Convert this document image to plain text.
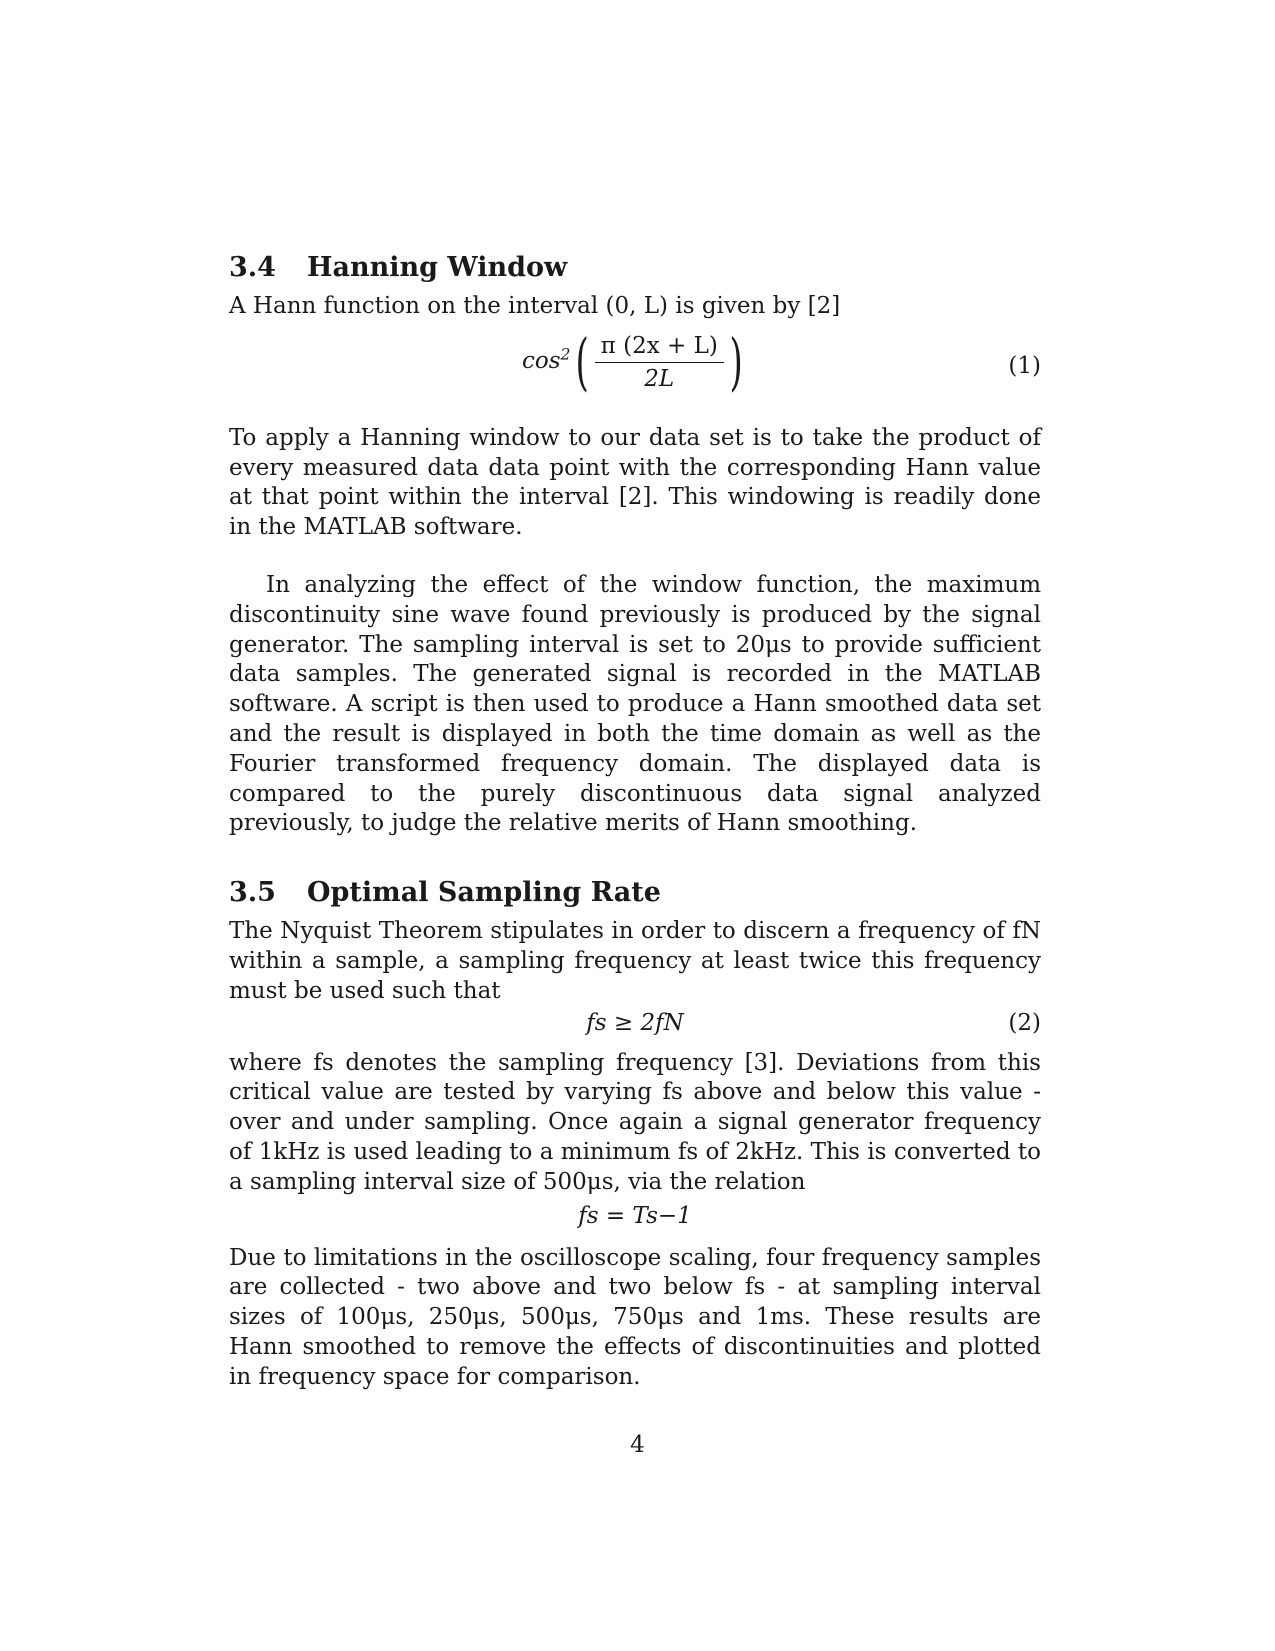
3.4 Hanning Window

A Hann function on the interval (0, L) is given by [2]

$\cos^2( \frac{\pi (2x + L)}{2L}$ )	(1)

To apply a Hanning window to our data set is to take the product of every measured data data point with the corresponding Hann value at that point within the interval [2]. This windowing is readily done in the MATLAB software.

In analyzing the effect of the window function, the maximum discontinuity sine wave found previously is produced by the signal generator. The sampling interval is set to 20μs to provide sufficient data samples. The generated signal is recorded in the MATLAB software. A script is then used to produce a Hann smoothed data set and the result is displayed in both the time domain as well as the Fourier transformed frequency domain. The displayed data is compared to the purely discontinuous data signal analyzed previously, to judge the relative merits of Hann smoothing.

3.5 Optimal Sampling Rate

The Nyquist Theorem stipulates in order to discern a frequency of fN within a sample, a sampling frequency at least twice this frequency must be used such that

fs ≥ 2fN	(2)

where fs denotes the sampling frequency [3]. Deviations from this critical value are tested by varying fs above and below this value - over and under sampling. Once again a signal generator frequency of 1kHz is used leading to a minimum fs of 2kHz. This is converted to a sampling interval size of 500μs, via the relation

fs = Ts−1

Due to limitations in the oscilloscope scaling, four frequency samples are collected - two above and two below fs - at sampling interval sizes of 100μs, 250μs, 500μs, 750μs and 1ms. These results are Hann smoothed to remove the effects of discontinuities and plotted in frequency space for comparison.

4
